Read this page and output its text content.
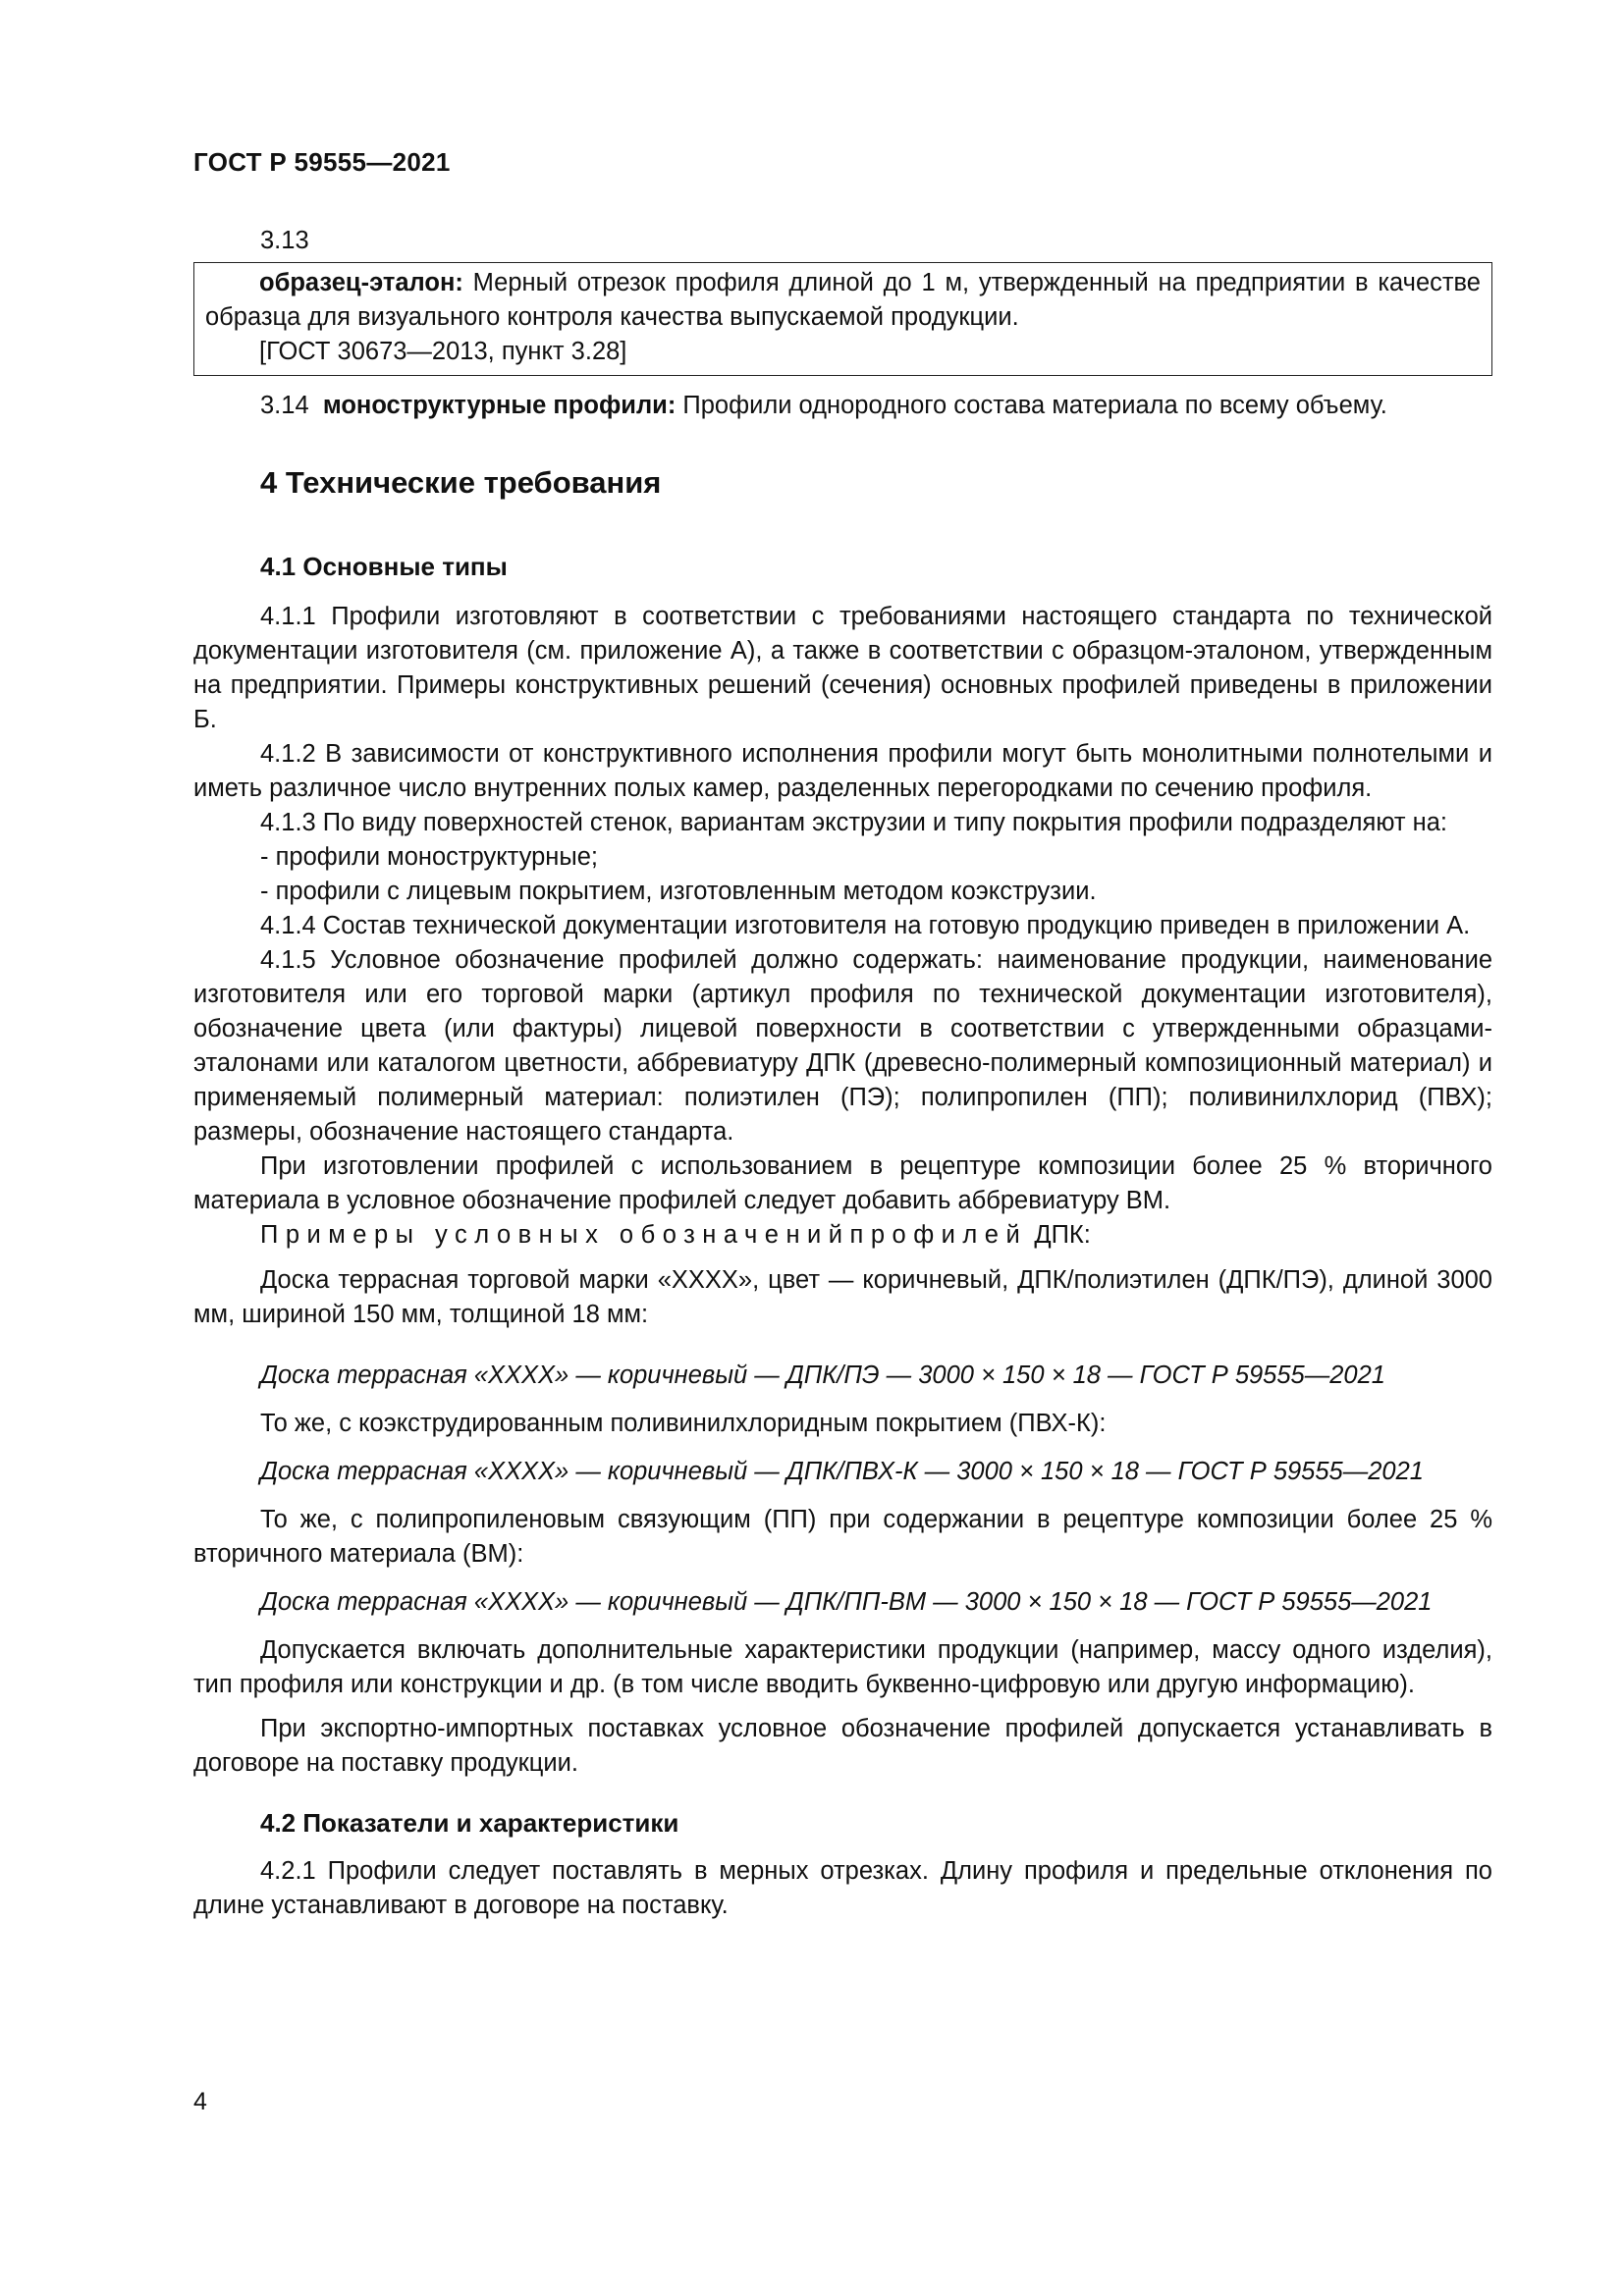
ГОСТ Р 59555—2021

3.13

образец-эталон: Мерный отрезок профиля длиной до 1 м, утвержденный на предприятии в качестве образца для визуального контроля качества выпускаемой продукции.

[ГОСТ 30673—2013, пункт 3.28]

3.14 моноструктурные профили: Профили однородного состава материала по всему объему.

4 Технические требования

4.1 Основные типы

4.1.1 Профили изготовляют в соответствии с требованиями настоящего стандарта по технической документации изготовителя (см. приложение А), а также в соответствии с образцом-эталоном, утвержденным на предприятии. Примеры конструктивных решений (сечения) основных профилей приведены в приложении Б.

4.1.2 В зависимости от конструктивного исполнения профили могут быть монолитными полнотелыми и иметь различное число внутренних полых камер, разделенных перегородками по сечению профиля.

4.1.3 По виду поверхностей стенок, вариантам экструзии и типу покрытия профили подразделяют на:

- профили моноструктурные;

- профили с лицевым покрытием, изготовленным методом коэкструзии.

4.1.4 Состав технической документации изготовителя на готовую продукцию приведен в приложении А.

4.1.5 Условное обозначение профилей должно содержать: наименование продукции, наименование изготовителя или его торговой марки (артикул профиля по технической документации изготовителя), обозначение цвета (или фактуры) лицевой поверхности в соответствии с утвержденными образцами-эталонами или каталогом цветности, аббревиатуру ДПК (древесно-полимерный композиционный материал) и применяемый полимерный материал: полиэтилен (ПЭ); полипропилен (ПП); поливинилхлорид (ПВХ); размеры, обозначение настоящего стандарта.

При изготовлении профилей с использованием в рецептуре композиции более 25 % вторичного материала в условное обозначение профилей следует добавить аббревиатуру ВМ.

Примеры условных обозначенийпрофилей ДПК:

Доска террасная торговой марки «ХХХХ», цвет — коричневый, ДПК/полиэтилен (ДПК/ПЭ), длиной 3000 мм, шириной 150 мм, толщиной 18 мм:

Доска террасная «ХХХХ» — коричневый — ДПК/ПЭ — 3000 × 150 × 18 — ГОСТ Р 59555—2021

То же, с коэкструдированным поливинилхлоридным покрытием (ПВХ-К):

Доска террасная «ХХХХ» — коричневый — ДПК/ПВХ-К — 3000 × 150 × 18 — ГОСТ Р 59555—2021

То же, с полипропиленовым связующим (ПП) при содержании в рецептуре композиции более 25 % вторичного материала (ВМ):

Доска террасная «ХХХХ» — коричневый — ДПК/ПП-ВМ — 3000 × 150 × 18 — ГОСТ Р 59555—2021

Допускается включать дополнительные характеристики продукции (например, массу одного изделия), тип профиля или конструкции и др. (в том числе вводить буквенно-цифровую или другую информацию).

При экспортно-импортных поставках условное обозначение профилей допускается устанавливать в договоре на поставку продукции.

4.2 Показатели и характеристики

4.2.1 Профили следует поставлять в мерных отрезках. Длину профиля и предельные отклонения по длине устанавливают в договоре на поставку.

4
